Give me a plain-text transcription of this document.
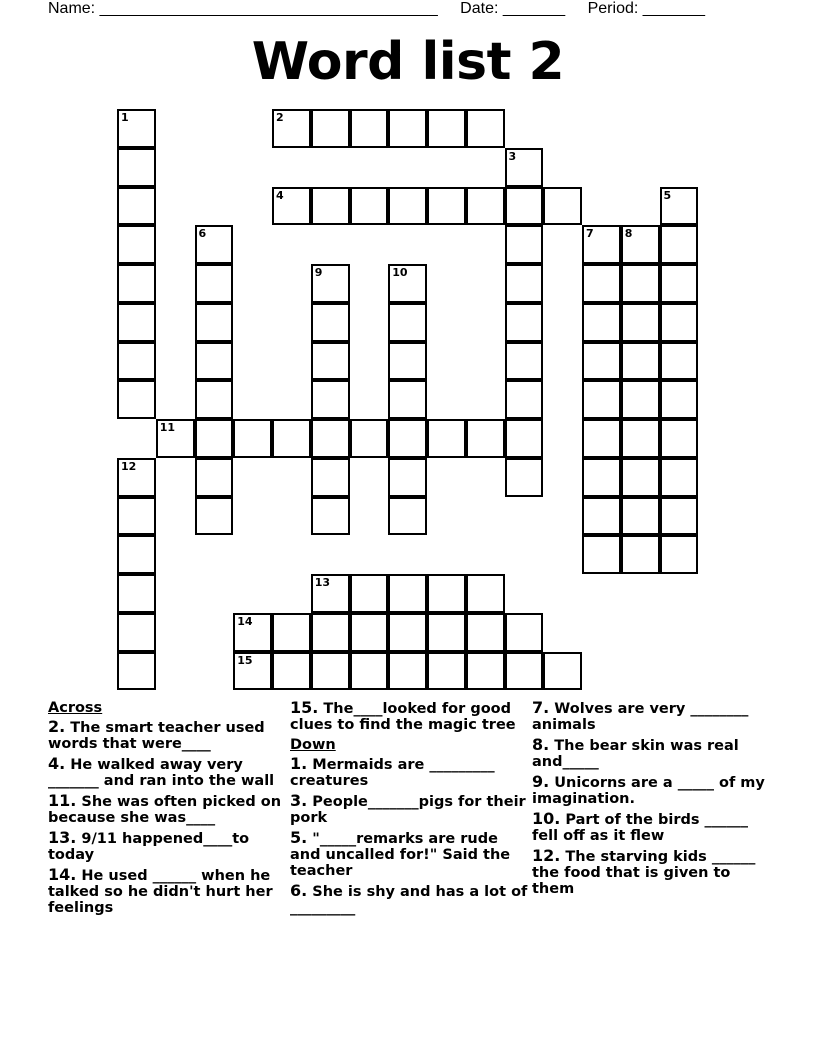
Name: ______________________________________ Date: _______ Period: _______
Word list 2
1	2
3
4	5
6	7	8
9	10
11
12
13
14
15
Across
2. The smart teacher used words that were____
4. He walked away very _______ and ran into the wall
11. She was often picked on because she was____
13. 9/11 happened____to today
14. He used ______ when he talked so he didn't hurt her feelings
15. The____looked for good clues to find the magic tree
Down
1. Mermaids are _________ creatures
3. People_______pigs for their pork
5. "_____remarks are rude and uncalled for!" Said the teacher
6. She is shy and has a lot of _________
7. Wolves are very ________ animals
8. The bear skin was real and_____
9. Unicorns are a _____ of my imagination.
10. Part of the birds ______ fell off as it flew
12. The starving kids ______ the food that is given to them
